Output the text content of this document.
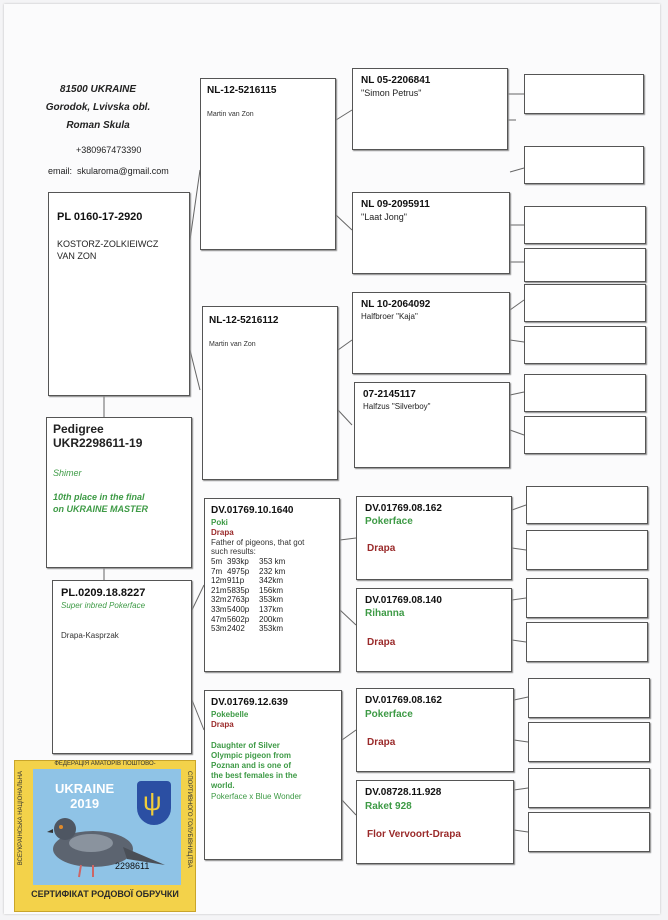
81500 UKRAINE
Gorodok, Lvivska obl.
Roman Skula
+380967473390
email: skularoma@gmail.com
PL 0160-17-2920
KOSTORZ-ZOLKIEIWCZ
VAN ZON
Pedigree
UKR2298611-19
Shimer
10th place in the final
on UKRAINE MASTER
PL.0209.18.8227
Super inbred Pokerface
Drapa-Kasprzak
NL-12-5216115
Martin van Zon
NL-12-5216112
Martin van Zon
DV.01769.10.1640
Poki
Drapa
Father of pigeons, that got
such results:
5m 393kp 353 km
7m 4975p 232 km
12m911p 342km
21m5835p 156km
32m2763p 353km
33m5400p 137km
47m5602p 200km
53m2402 353km
DV.01769.12.639
Pokebelle
Drapa
Daughter of Silver
Olympic pigeon from
Poznan and is one of
the best females in the
world.
Pokerface x Blue Wonder
NL 05-2206841
"Simon Petrus"
NL 09-2095911
"Laat Jong"
NL 10-2064092
Halfbroer "Kaja"
07-2145117
Halfzus "Silverboy"
DV.01769.08.162
Pokerface
Drapa
DV.01769.08.140
Rihanna
Drapa
DV.01769.08.162
Pokerface
Drapa
DV.08728.11.928
Raket 928
Flor Vervoort-Drapa
ФЕДЕРАЦІЯ АМАТОРІВ ПОШТОВО-
ВСЕУКРАЇНСЬКА НАЦІОНАЛЬНА	СПОРТИВНОГО ГОЛУБІВНИЦТВА
UKRAINE
2019	ψ
2298611
СЕРТИФІКАТ РОДОВОЇ ОБРУЧКИ
